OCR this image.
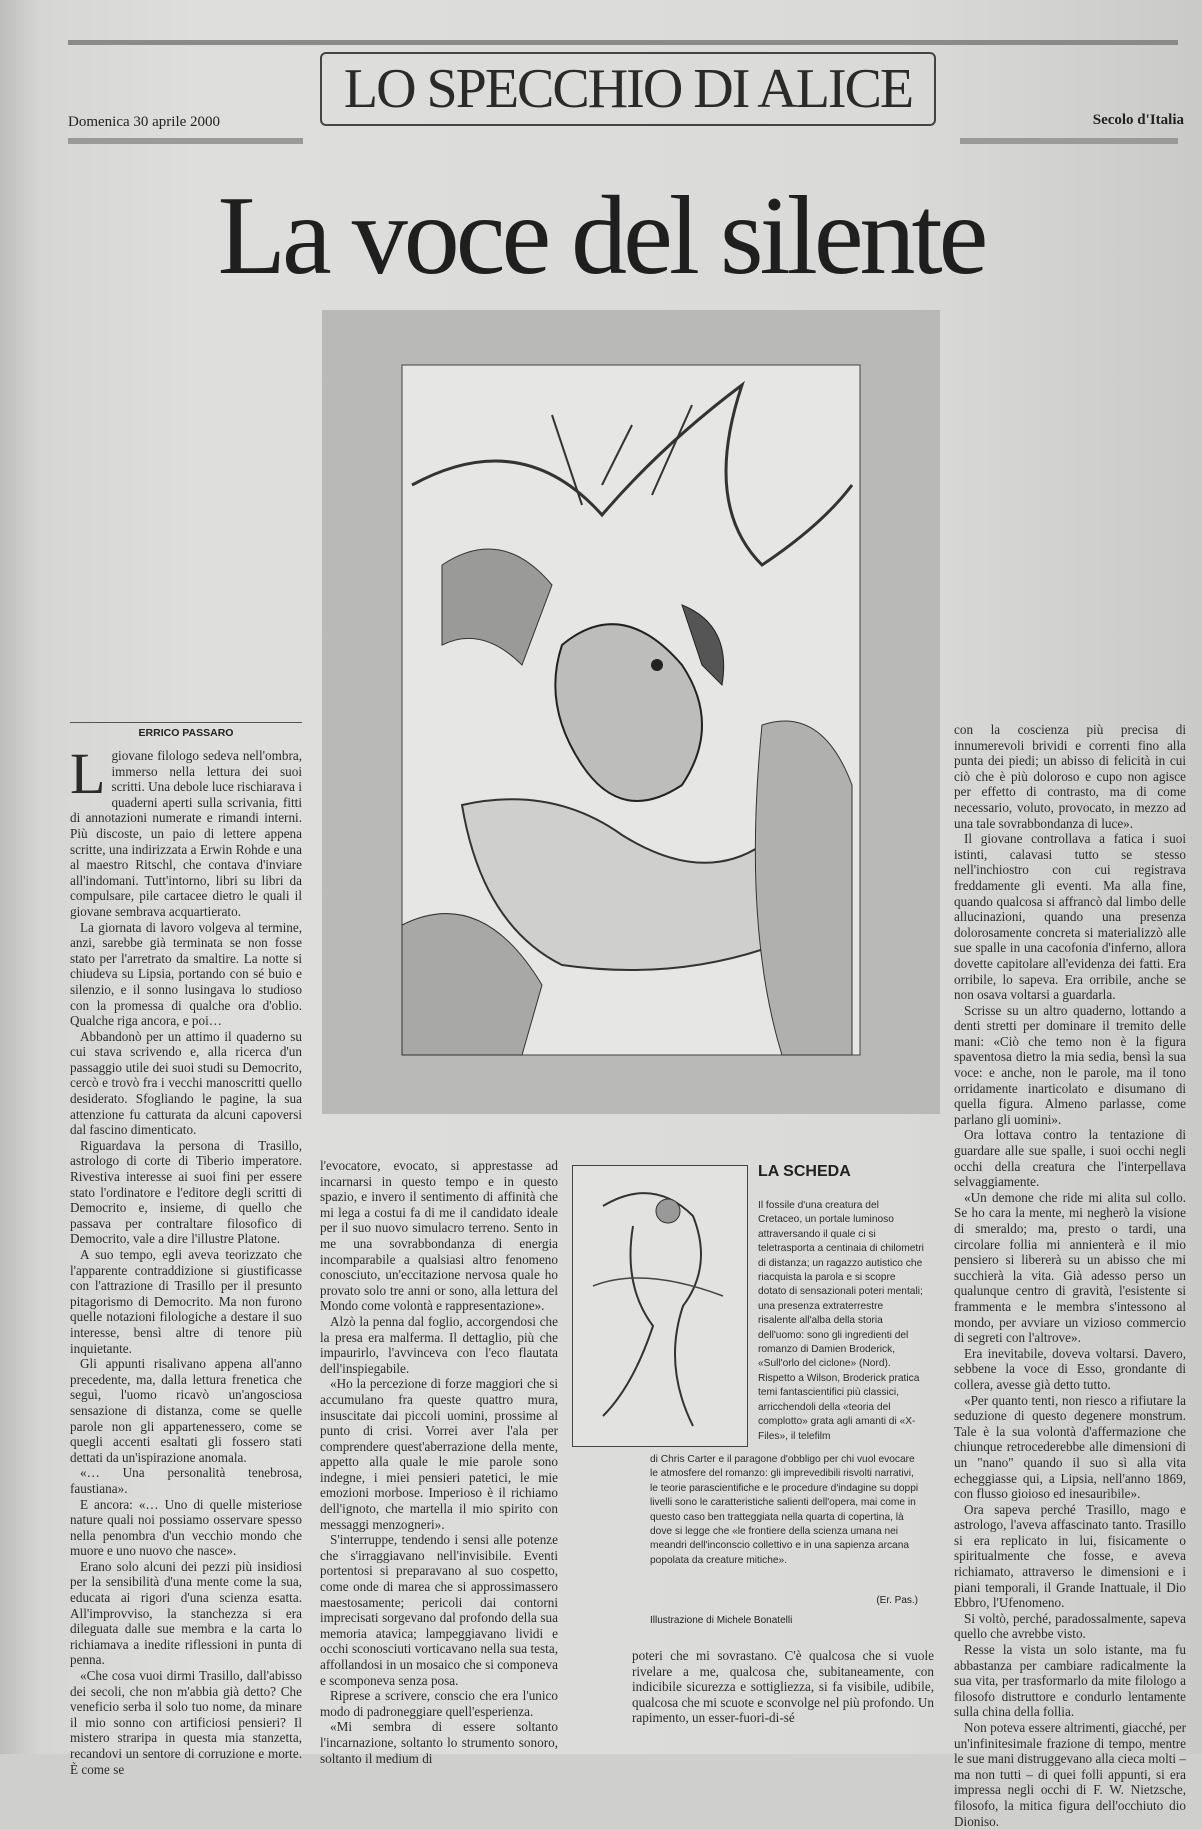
LO SPECCHIO DI ALICE
Domenica 30 aprile 2000	Secolo d'Italia
La voce del silente
ERRICO PASSARO

Lgiovane filologo sedeva nell'ombra, immerso nella lettura dei suoi scritti. Una debole luce rischiarava i quaderni aperti sulla scrivania, fitti di annotazioni numerate e rimandi interni. Più discoste, un paio di lettere appena scritte, una indirizzata a Erwin Rohde e una al maestro Ritschl, che contava d'inviare all'indomani. Tutt'intorno, libri su libri da compulsare, pile cartacee dietro le quali il giovane sembrava acquartierato.

La giornata di lavoro volgeva al termine, anzi, sarebbe già terminata se non fosse stato per l'arretrato da smaltire. La notte si chiudeva su Lipsia, portando con sé buio e silenzio, e il sonno lusingava lo studioso con la promessa di qualche ora d'oblio. Qualche riga ancora, e poi…

Abbandonò per un attimo il quaderno su cui stava scrivendo e, alla ricerca d'un passaggio utile dei suoi studi su Democrito, cercò e trovò fra i vecchi manoscritti quello desiderato. Sfogliando le pagine, la sua attenzione fu catturata da alcuni capoversi dal fascino dimenticato.

Riguardava la persona di Trasillo, astrologo di corte di Tiberio imperatore. Rivestiva interesse ai suoi fini per essere stato l'ordinatore e l'editore degli scritti di Democrito e, insieme, di quello che passava per contraltare filosofico di Democrito, vale a dire l'illustre Platone.

A suo tempo, egli aveva teorizzato che l'apparente contraddizione si giustificasse con l'attrazione di Trasillo per il presunto pitagorismo di Democrito. Ma non furono quelle notazioni filologiche a destare il suo interesse, bensì altre di tenore più inquietante.

Gli appunti risalivano appena all'anno precedente, ma, dalla lettura frenetica che seguì, l'uomo ricavò un'angosciosa sensazione di distanza, come se quelle parole non gli appartenessero, come se quegli accenti esaltati gli fossero stati dettati da un'ispirazione anomala.

«… Una personalità tenebrosa, faustiana».

E ancora: «… Uno di quelle misteriose nature quali noi possiamo osservare spesso nella penombra d'un vecchio mondo che muore e uno nuovo che nasce».

Erano solo alcuni dei pezzi più insidiosi per la sensibilità d'una mente come la sua, educata ai rigori d'una scienza esatta. All'improvviso, la stanchezza si era dileguata dalle sue membra e la carta lo richiamava a inedite riflessioni in punta di penna.

«Che cosa vuoi dirmi Trasillo, dall'abisso dei secoli, che non m'abbia già detto? Che veneficio serba il solo tuo nome, da minare il mio sonno con artificiosi pensieri? Il mistero straripa in questa mia stanzetta, recandovi un sentore di corruzione e morte. È come se

l'evocatore, evocato, si apprestasse ad incarnarsi in questo tempo e in questo spazio, e invero il sentimento di affinità che mi lega a costui fa di me il candidato ideale per il suo nuovo simulacro terreno. Sento in me una sovrabbondanza di energia incomparabile a qualsiasi altro fenomeno conosciuto, un'eccitazione nervosa quale ho provato solo tre anni or sono, alla lettura del Mondo come volontà e rappresentazione».

Alzò la penna dal foglio, accorgendosi che la presa era malferma. Il dettaglio, più che impaurirlo, l'avvinceva con l'eco flautata dell'inspiegabile.

«Ho la percezione di forze maggiori che si accumulano fra queste quattro mura, insuscitate dai piccoli uomini, prossime al punto di crisi. Vorrei aver l'ala per comprendere quest'aberrazione della mente, appetto alla quale le mie parole sono indegne, i miei pensieri patetici, le mie emozioni morbose. Imperioso è il richiamo dell'ignoto, che martella il mio spirito con messaggi menzogneri».

S'interruppe, tendendo i sensi alle potenze che s'irraggiavano nell'invisibile. Eventi portentosi si preparavano al suo cospetto, come onde di marea che si approssimassero maestosamente; pericoli dai contorni imprecisati sorgevano dal profondo della sua memoria atavica; lampeggiavano lividi e occhi sconosciuti vorticavano nella sua testa, affollandosi in un mosaico che si componeva e scomponeva senza posa.

Riprese a scrivere, conscio che era l'unico modo di padroneggiare quell'esperienza.

«Mi sembra di essere soltanto l'incarnazione, soltanto lo strumento sonoro, soltanto il medium di

LA SCHEDA
Il fossile d'una creatura del Cretaceo, un portale luminoso attraversando il quale ci si teletrasporta a centinaia di chilometri di distanza; un ragazzo autistico che riacquista la parola e si scopre dotato di sensazionali poteri mentali; una presenza extraterrestre risalente all'alba della storia dell'uomo: sono gli ingredienti del romanzo di Damien Broderick, «Sull'orlo del ciclone» (Nord). Rispetto a Wilson, Broderick pratica temi fantascientifici più classici, arricchendoli della «teoria del complotto» grata agli amanti di «X-Files», il telefilm
di Chris Carter e il paragone d'obbligo per chi vuol evocare le atmosfere del romanzo: gli imprevedibili risvolti narrativi, le teorie parascientifiche e le procedure d'indagine su doppi livelli sono le caratteristiche salienti dell'opera, mai come in questo caso ben tratteggiata nella quarta di copertina, là dove si legge che «le frontiere della scienza umana nei meandri dell'inconscio collettivo e in una sapienza arcana popolata da creature mitiche».
(Er. Pas.)
Illustrazione di Michele Bonatelli

poteri che mi sovrastano. C'è qualcosa che si vuole rivelare a me, qualcosa che, subitaneamente, con indicibile sicurezza e sottigliezza, si fa visibile, udibile, qualcosa che mi scuote e sconvolge nel più profondo. Un rapimento, un esser-fuori-di-sé

con la coscienza più precisa di innumerevoli brividi e correnti fino alla punta dei piedi; un abisso di felicità in cui ciò che è più doloroso e cupo non agisce per effetto di contrasto, ma di come necessario, voluto, provocato, in mezzo ad una tale sovrabbondanza di luce».

Il giovane controllava a fatica i suoi istinti, calavasi tutto se stesso nell'inchiostro con cui registrava freddamente gli eventi. Ma alla fine, quando qualcosa si affrancò dal limbo delle allucinazioni, quando una presenza dolorosamente concreta si materializzò alle sue spalle in una cacofonia d'inferno, allora dovette capitolare all'evidenza dei fatti. Era orribile, lo sapeva. Era orribile, anche se non osava voltarsi a guardarla.

Scrisse su un altro quaderno, lottando a denti stretti per dominare il tremito delle mani: «Ciò che temo non è la figura spaventosa dietro la mia sedia, bensì la sua voce: e anche, non le parole, ma il tono orridamente inarticolato e disumano di quella figura. Almeno parlasse, come parlano gli uomini».

Ora lottava contro la tentazione di guardare alle sue spalle, i suoi occhi negli occhi della creatura che l'interpellava selvaggiamente.

«Un demone che ride mi alita sul collo. Se ho cara la mente, mi negherò la visione di smeraldo; ma, presto o tardi, una circolare follia mi annienterà e il mio pensiero si libererà su un abisso che mi succhierà la vita. Già adesso perso un qualunque centro di gravità, l'esistente si frammenta e le membra s'intessono al mondo, per avviare un vizioso commercio di segreti con l'altrove».

Era inevitabile, doveva voltarsi. Davero, sebbene la voce di Esso, grondante di collera, avesse già detto tutto.

«Per quanto tenti, non riesco a rifiutare la seduzione di questo degenere monstrum. Tale è la sua volontà d'affermazione che chiunque retrocederebbe alle dimensioni di un "nano" quando il suo sì alla vita echeggiasse qui, a Lipsia, nell'anno 1869, con flusso gioioso ed inesauribile».

Ora sapeva perché Trasillo, mago e astrologo, l'aveva affascinato tanto. Trasillo si era replicato in lui, fisicamente o spiritualmente che fosse, e aveva richiamato, attraverso le dimensioni e i piani temporali, il Grande Inattuale, il Dio Ebbro, l'Ufenomeno.

Si voltò, perché, paradossalmente, sapeva quello che avrebbe visto.

Resse la vista un solo istante, ma fu abbastanza per cambiare radicalmente la sua vita, per trasformarlo da mite filologo a filosofo distruttore e condurlo lentamente sulla china della follia.

Non poteva essere altrimenti, giacché, per un'infinitesimale frazione di tempo, mentre le sue mani distruggevano alla cieca molti – ma non tutti – di quei folli appunti, si era impressa negli occhi di F. W. Nietzsche, filosofo, la mitica figura dell'occhiuto dio Dioniso.
